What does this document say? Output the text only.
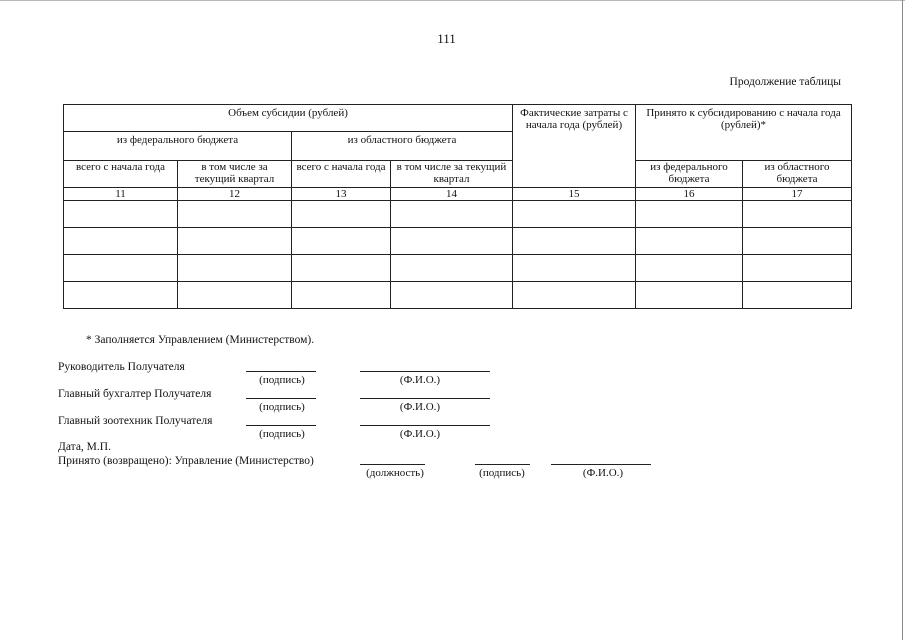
111
Продолжение таблицы
Объем субсидии (рублей)				Фактические затраты с начала года (рублей)	Принято к субсидированию с начала года (рублей)*	

из федерального бюджета		из областного бюджета				
всего с начала года	в том числе за текущий квартал	всего с начала года	в том числе за текущий квартал		из федерального бюджета	из областного бюджета
11	12	13	14	15	16	17

* Заполняется Управлением (Министерством).
Руководитель Получателя
(подпись)	(Ф.И.О.)
Главный бухгалтер Получателя
(подпись)	(Ф.И.О.)
Главный зоотехник Получателя
(подпись)	(Ф.И.О.)
Дата, М.П.
Принято (возвращено): Управление (Министерство)
(должность)	(подпись)	(Ф.И.О.)
